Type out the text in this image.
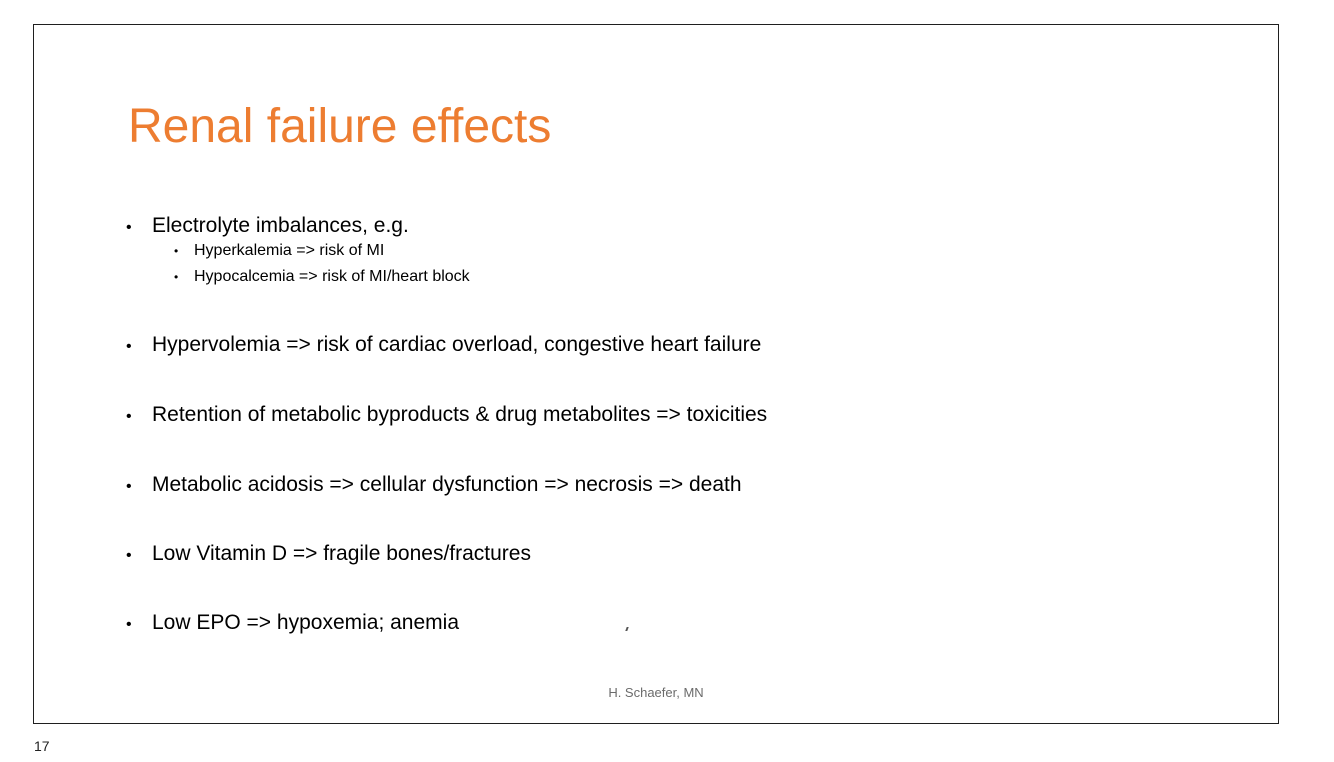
Renal failure effects
• Electrolyte imbalances, e.g.
• Hyperkalemia => risk of MI
• Hypocalcemia => risk of MI/heart block
• Hypervolemia => risk of cardiac overload, congestive heart failure
• Retention of metabolic byproducts & drug metabolites => toxicities
• Metabolic acidosis => cellular dysfunction => necrosis => death
• Low Vitamin D => fragile bones/fractures
• Low EPO => hypoxemia; anemia
H. Schaefer, MN
17
